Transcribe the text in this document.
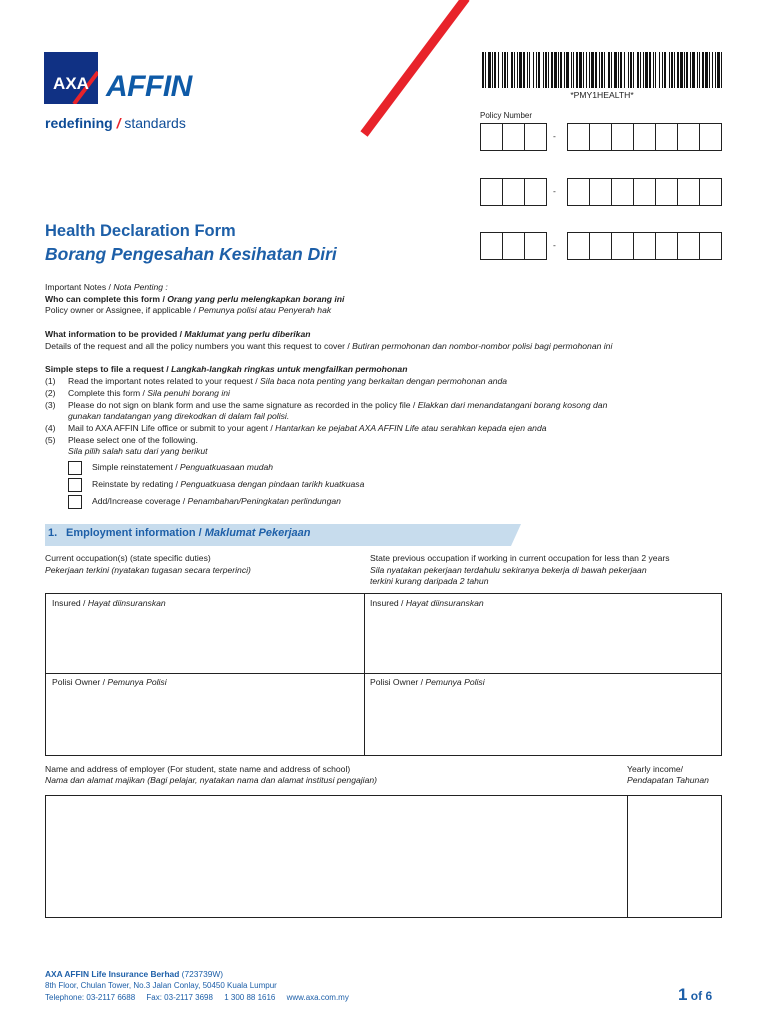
AXA AFFIN
redefining / standards
*PMY1HEALTH*
Policy Number
-
-
-
Health Declaration Form
Borang Pengesahan Kesihatan Diri
Important Notes / Nota Penting :
Who can complete this form / Orang yang perlu melengkapkan borang ini
Policy owner or Assignee, if applicable / Pemunya polisi atau Penyerah hak
What information to be provided / Maklumat yang perlu diberikan
Details of the request and all the policy numbers you want this request to cover / Butiran permohonan dan nombor-nombor polisi bagi permohonan ini
Simple steps to file a request / Langkah-langkah ringkas untuk mengfailkan permohonan
(1) Read the important notes related to your request / Sila baca nota penting yang berkaitan dengan permohonan anda
(2) Complete this form / Sila penuhi borang ini
(3) Please do not sign on blank form and use the same signature as recorded in the policy file / Elakkan dari menandatangani borang kosong dan
gunakan tandatangan yang direkodkan di dalam fail polisi.
(4) Mail to AXA AFFIN Life office or submit to your agent / Hantarkan ke pejabat AXA AFFIN Life atau serahkan kepada ejen anda
(5) Please select one of the following.
Sila pilih salah satu dari yang berikut
Simple reinstatement / Penguatkuasaan mudah
Reinstate by redating / Penguatkuasa dengan pindaan tarikh kuatkuasa
Add/Increase coverage / Penambahan/Peningkatan perlindungan
1. Employment information / Maklumat Pekerjaan
Current occupation(s) (state specific duties)
Pekerjaan terkini (nyatakan tugasan secara terperinci)
State previous occupation if working in current occupation for less than 2 years
Sila nyatakan pekerjaan terdahulu sekiranya bekerja di bawah pekerjaan
terkini kurang daripada 2 tahun
Insured / Hayat diinsuranskan	Insured / Hayat diinsuranskan
Polisi Owner / Pemunya Polisi	Polisi Owner / Pemunya Polisi
Name and address of employer (For student, state name and address of school)
Nama dan alamat majikan (Bagi pelajar, nyatakan nama dan alamat institusi pengajian)
Yearly income/
Pendapatan Tahunan
AXA AFFIN Life Insurance Berhad (723739W)
8th Floor, Chulan Tower, No.3 Jalan Conlay, 50450 Kuala Lumpur
Telephone: 03-2117 6688 Fax: 03-2117 3698 1 300 88 1616 www.axa.com.my	1 of 6
